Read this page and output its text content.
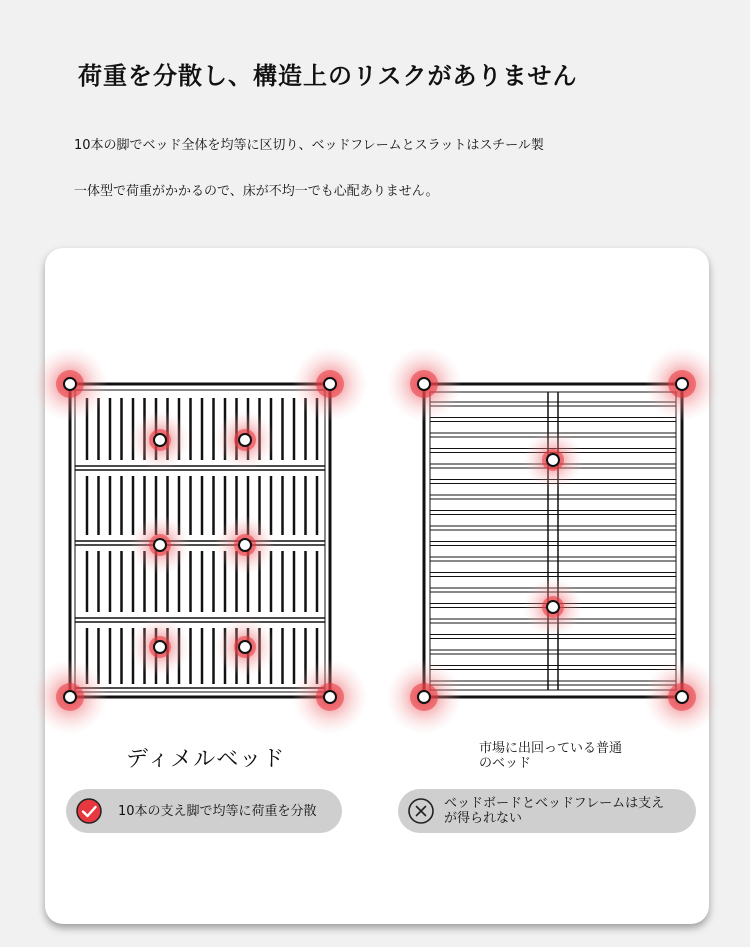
荷重を分散し、構造上のリスクがありません
10本の脚でベッド全体を均等に区切り、ベッドフレームとスラットはスチール製
一体型で荷重がかかるので、床が不均一でも心配ありません。
ディメルベッド	市場に出回っている普通のベッド
10本の支え脚で均等に荷重を分散	ベッドボードとベッドフレームは支えが得られない
